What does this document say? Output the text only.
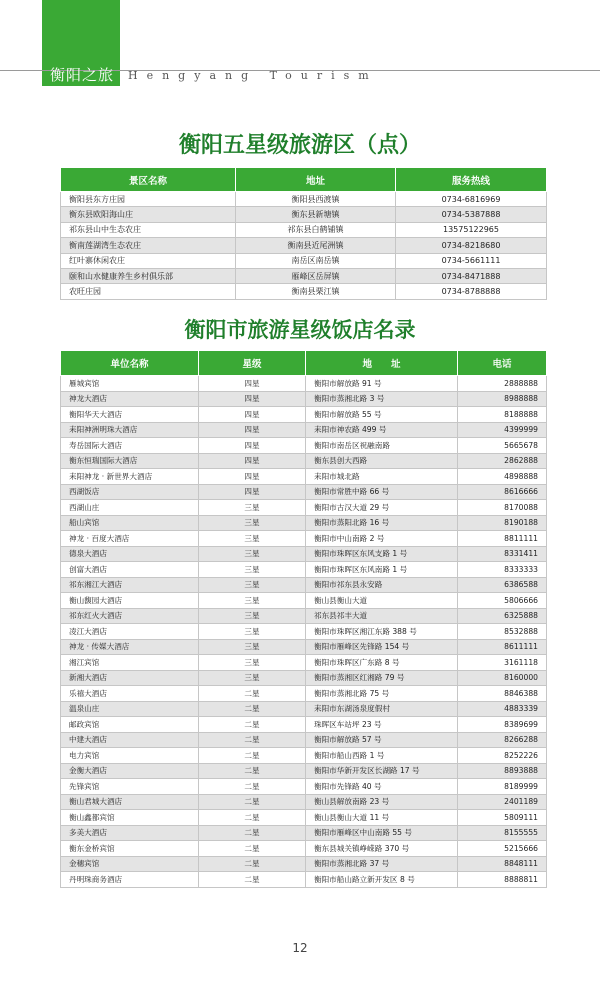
衡阳之旅 Hengyang Tourism
衡阳五星级旅游区（点）
景区名称	地址	服务热线
衡阳县东方庄园	衡阳县西渡镇	0734-6816969
衡东县欧阳海山庄	衡东县新塘镇	0734-5387888
祁东县山中生态农庄	祁东县白鹤铺镇	13575122965
衡南莲湖湾生态农庄	衡南县近尾洲镇	0734-8218680
红叶寨休闲农庄	南岳区南岳镇	0734-5661111
颐和山水健康养生乡村俱乐部	雁峰区岳屏镇	0734-8471888
农旺庄园	衡南县栗江镇	0734-8788888
衡阳市旅游星级饭店名录
单位名称	星级	地　　址	电话
雁城宾馆	四星	衡阳市解放路 91 号	2888888
神龙大酒店	四星	衡阳市蒸湘北路 3 号	8988888
衡阳华天大酒店	四星	衡阳市解放路 55 号	8188888
耒阳神洲明珠大酒店	四星	耒阳市神农路 499 号	4399999
寿岳国际大酒店	四星	衡阳市南岳区祝融南路	5665678
衡东恒瑞国际大酒店	四星	衡东县创大西路	2862888
耒阳神龙 · 新世界大酒店	四星	耒阳市城北路	4898888
西湖饭店	四星	衡阳市常胜中路 66 号	8616666
西湖山庄	三星	衡阳市古汉大道 29 号	8170088
船山宾馆	三星	衡阳市蒸阳北路 16 号	8190188
神龙 · 百度大酒店	三星	衡阳市中山南路 2 号	8811111
德泉大酒店	三星	衡阳市珠晖区东风支路 1 号	8331411
创富大酒店	三星	衡阳市珠晖区东风南路 1 号	8333333
祁东湘江大酒店	三星	衡阳市祁东县永安路	6386588
衡山馥园大酒店	三星	衡山县衡山大道	5806666
祁东红火大酒店	三星	祁东县祁丰大道	6325888
凌江大酒店	三星	衡阳市珠晖区湘江东路 388 号	8532888
神龙 · 传媒大酒店	三星	衡阳市雁峰区先锋路 154 号	8611111
湘江宾馆	三星	衡阳市珠晖区广东路 8 号	3161118
新湘大酒店	三星	衡阳市蒸湘区红湘路 79 号	8160000
乐禧大酒店	二星	衡阳市蒸湘北路 75 号	8846388
温泉山庄	二星	耒阳市东湖汤泉度假村	4883339
邮政宾馆	二星	珠晖区车站坪 23 号	8389699
中建大酒店	二星	衡阳市解放路 57 号	8266288
电力宾馆	二星	衡阳市船山西路 1 号	8252226
金衡大酒店	二星	衡阳市华新开发区长湖路 17 号	8893888
先锋宾馆	二星	衡阳市先锋路 40 号	8189999
衡山君城大酒店	二星	衡山县解放南路 23 号	2401189
衡山鑫都宾馆	二星	衡山县衡山大道 11 号	5809111
多美大酒店	二星	衡阳市雁峰区中山南路 55 号	8155555
衡东金桥宾馆	二星	衡东县城关镇峥嵘路 370 号	5215666
金穗宾馆	二星	衡阳市蒸湘北路 37 号	8848111
丹明珠商务酒店	二星	衡阳市船山路立新开发区 8 号	8888811
12
